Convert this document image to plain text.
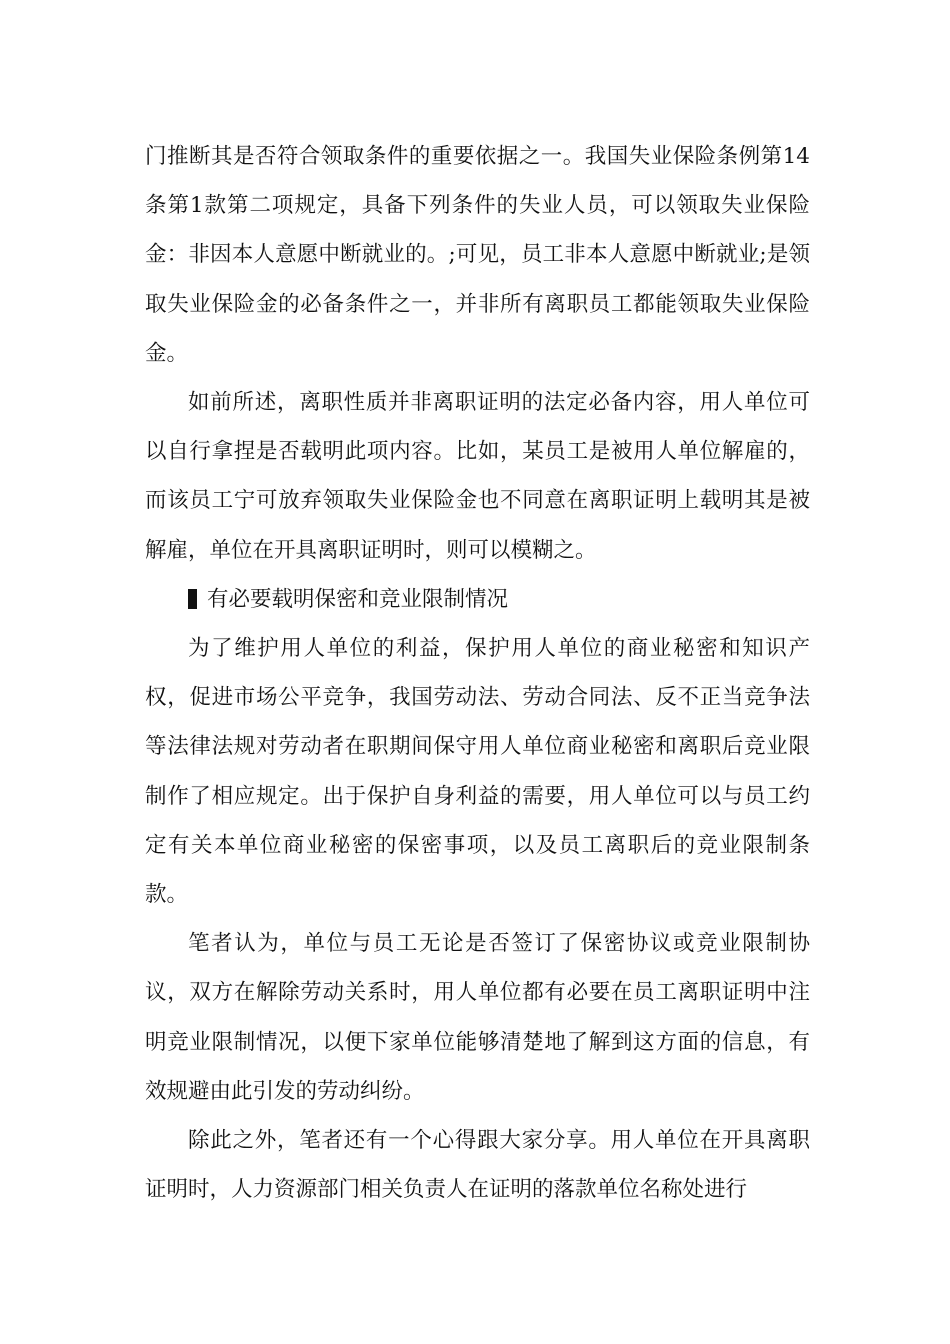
门推断其是否符合领取条件的重要依据之一。我国失业保险条例第14条第1款第二项规定，具备下列条件的失业人员，可以领取失业保险金：非因本人意愿中断就业的。;可见，员工非本人意愿中断就业;是领取失业保险金的必备条件之一，并非所有离职员工都能领取失业保险金。

如前所述，离职性质并非离职证明的法定必备内容，用人单位可以自行拿捏是否载明此项内容。比如，某员工是被用人单位解雇的，而该员工宁可放弃领取失业保险金也不同意在离职证明上载明其是被解雇，单位在开具离职证明时，则可以模糊之。

有必要载明保密和竞业限制情况

为了维护用人单位的利益，保护用人单位的商业秘密和知识产权，促进市场公平竞争，我国劳动法、劳动合同法、反不正当竞争法等法律法规对劳动者在职期间保守用人单位商业秘密和离职后竞业限制作了相应规定。出于保护自身利益的需要，用人单位可以与员工约定有关本单位商业秘密的保密事项，以及员工离职后的竞业限制条款。

笔者认为，单位与员工无论是否签订了保密协议或竞业限制协议，双方在解除劳动关系时，用人单位都有必要在员工离职证明中注明竞业限制情况，以便下家单位能够清楚地了解到这方面的信息，有效规避由此引发的劳动纠纷。

除此之外，笔者还有一个心得跟大家分享。用人单位在开具离职证明时，人力资源部门相关负责人在证明的落款单位名称处进行
